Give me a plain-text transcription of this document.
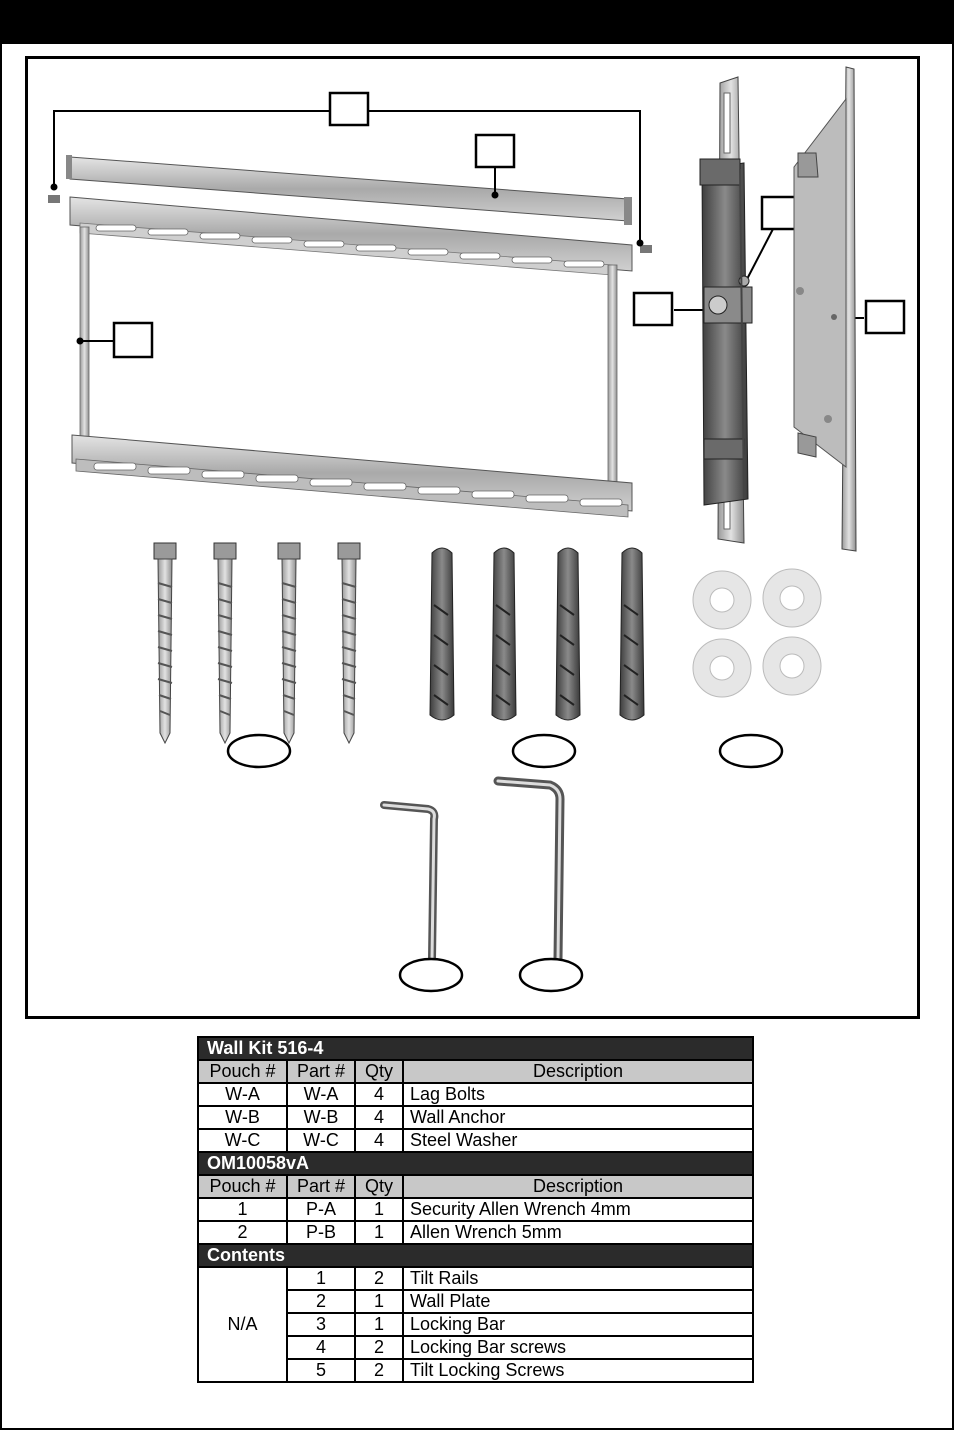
Wall Kit 516-4			
Pouch #	Part #	Qty	Description
W-A	W-A	4	Lag Bolts
W-B	W-B	4	Wall Anchor
W-C	W-C	4	Steel Washer
OM10058vA			
Pouch #	Part #	Qty	Description
1	P-A	1	Security Allen Wrench 4mm
2	P-B	1	Allen Wrench 5mm
Contents			
N/A	1	2	Tilt Rails
	2	1	Wall Plate
	3	1	Locking Bar
	4	2	Locking Bar screws
	5	2	Tilt Locking Screws
